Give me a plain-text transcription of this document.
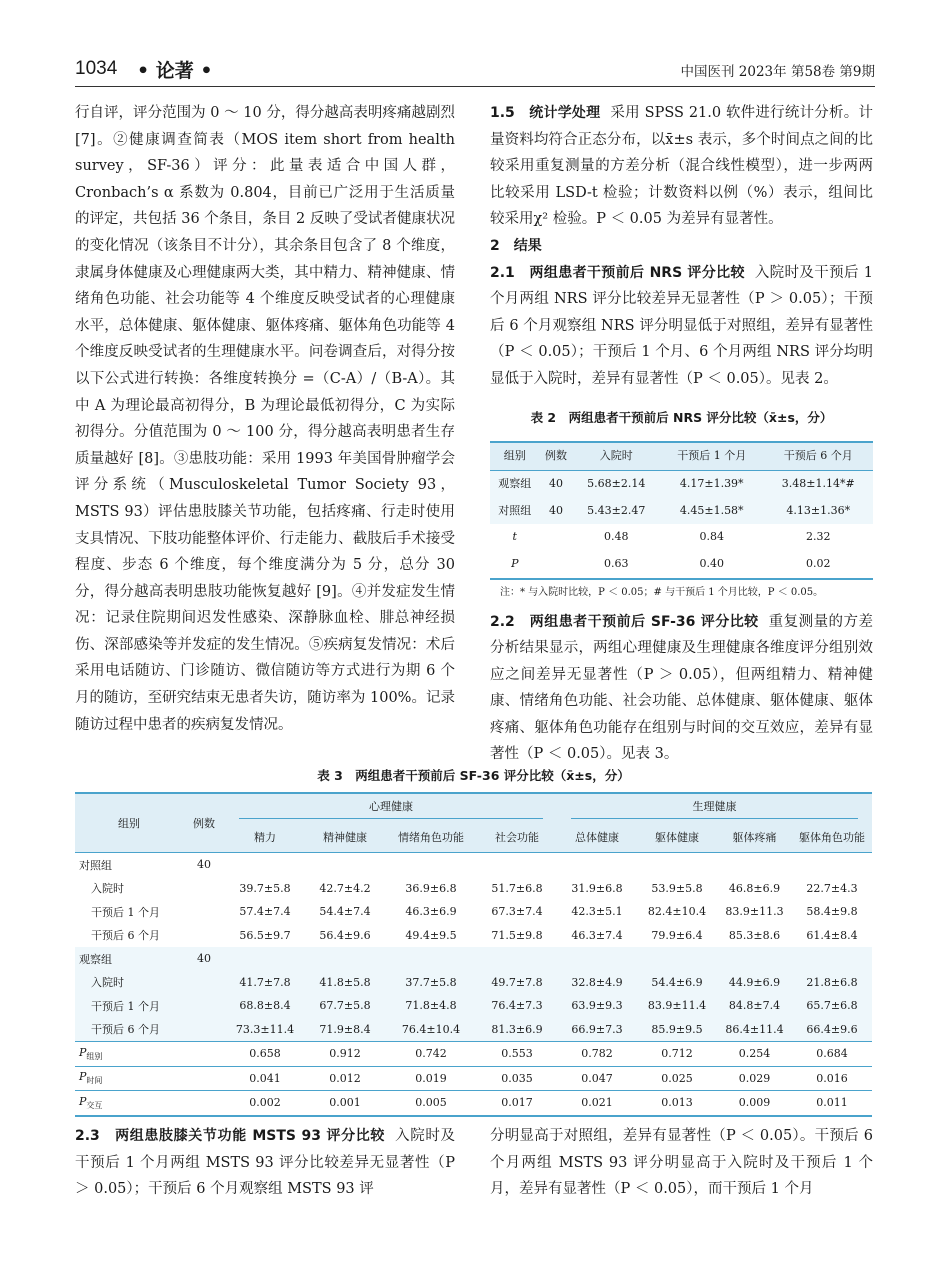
1034 • 论著 •	中国医刊 2023年 第58卷 第9期

行自评，评分范围为 0 ～ 10 分，得分越高表明疼痛越剧烈 [7]。②健康调查简表（MOS item short from health survey，SF-36）评分：此量表适合中国人群，Cronbach’s α 系数为 0.804，目前已广泛用于生活质量的评定，共包括 36 个条目，条目 2 反映了受试者健康状况的变化情况（该条目不计分），其余条目包含了 8 个维度，隶属身体健康及心理健康两大类，其中精力、精神健康、情绪角色功能、社会功能等 4 个维度反映受试者的心理健康水平，总体健康、躯体健康、躯体疼痛、躯体角色功能等 4 个维度反映受试者的生理健康水平。问卷调查后，对得分按以下公式进行转换：各维度转换分 =（C-A）/（B-A）。其中 A 为理论最高初得分，B 为理论最低初得分，C 为实际初得分。分值范围为 0 ～ 100 分，得分越高表明患者生存质量越好 [8]。③患肢功能：采用 1993 年美国骨肿瘤学会评分系统（Musculoskeletal Tumor Society 93，MSTS 93）评估患肢膝关节功能，包括疼痛、行走时使用支具情况、下肢功能整体评价、行走能力、截肢后手术接受程度、步态 6 个维度，每个维度满分为 5 分，总分 30 分，得分越高表明患肢功能恢复越好 [9]。④并发症发生情况：记录住院期间迟发性感染、深静脉血栓、腓总神经损伤、深部感染等并发症的发生情况。⑤疾病复发情况：术后采用电话随访、门诊随访、微信随访等方式进行为期 6 个月的随访，至研究结束无患者失访，随访率为 100%。记录随访过程中患者的疾病复发情况。

1.5　统计学处理 采用 SPSS 21.0 软件进行统计分析。计量资料均符合正态分布，以x̄±s 表示，多个时间点之间的比较采用重复测量的方差分析（混合线性模型），进一步两两比较采用 LSD-t 检验；计数资料以例（%）表示，组间比较采用χ² 检验。P ＜ 0.05 为差异有显著性。

2　结果

2.1　两组患者干预前后 NRS 评分比较 入院时及干预后 1 个月两组 NRS 评分比较差异无显著性（P ＞ 0.05）；干预后 6 个月观察组 NRS 评分明显低于对照组，差异有显著性（P ＜ 0.05）；干预后 1 个月、6 个月两组 NRS 评分均明显低于入院时，差异有显著性（P ＜ 0.05）。见表 2。

表 2　两组患者干预前后 NRS 评分比较（x̄±s，分）
组别	例数	入院时	干预后 1 个月	干预后 6 个月
观察组	40	5.68±2.14	4.17±1.39*	3.48±1.14*#
对照组	40	5.43±2.47	4.45±1.58*	4.13±1.36*
t		0.48	0.84	2.32
P		0.63	0.40	0.02
注：* 与入院时比较，P ＜ 0.05；# 与干预后 1 个月比较，P ＜ 0.05。

2.2　两组患者干预前后 SF-36 评分比较 重复测量的方差分析结果显示，两组心理健康及生理健康各维度评分组别效应之间差异无显著性（P ＞ 0.05），但两组精力、精神健康、情绪角色功能、社会功能、总体健康、躯体健康、躯体疼痛、躯体角色功能存在组别与时间的交互效应，差异有显著性（P ＜ 0.05）。见表 3。

表 3　两组患者干预前后 SF-36 评分比较（x̄±s，分）
组别	例数	心理健康				生理健康			

		精力	精神健康	情绪角色功能	社会功能	总体健康	躯体健康	躯体疼痛	躯体角色功能
对照组	40								
入院时		39.7±5.8	42.7±4.2	36.9±6.8	51.7±6.8	31.9±6.8	53.9±5.8	46.8±6.9	22.7±4.3
干预后 1 个月		57.4±7.4	54.4±7.4	46.3±6.9	67.3±7.4	42.3±5.1	82.4±10.4	83.9±11.3	58.4±9.8
干预后 6 个月		56.5±9.7	56.4±9.6	49.4±9.5	71.5±9.8	46.3±7.4	79.9±6.4	85.3±8.6	61.4±8.4
观察组	40								
入院时		41.7±7.8	41.8±5.8	37.7±5.8	49.7±7.8	32.8±4.9	54.4±6.9	44.9±6.9	21.8±6.8
干预后 1 个月		68.8±8.4	67.7±5.8	71.8±4.8	76.4±7.3	63.9±9.3	83.9±11.4	84.8±7.4	65.7±6.8
干预后 6 个月		73.3±11.4	71.9±8.4	76.4±10.4	81.3±6.9	66.9±7.3	85.9±9.5	86.4±11.4	66.4±9.6
$P_{组别}$		0.658	0.912	0.742	0.553	0.782	0.712	0.254	0.684
$P_{时间}$		0.041	0.012	0.019	0.035	0.047	0.025	0.029	0.016
$P_{交互}$		0.002	0.001	0.005	0.017	0.021	0.013	0.009	0.011

2.3　两组患肢膝关节功能 MSTS 93 评分比较 入院时及干预后 1 个月两组 MSTS 93 评分比较差异无显著性（P ＞ 0.05）；干预后 6 个月观察组 MSTS 93 评

分明显高于对照组，差异有显著性（P ＜ 0.05）。干预后 6 个月两组 MSTS 93 评分明显高于入院时及干预后 1 个月，差异有显著性（P ＜ 0.05），而干预后 1 个月
